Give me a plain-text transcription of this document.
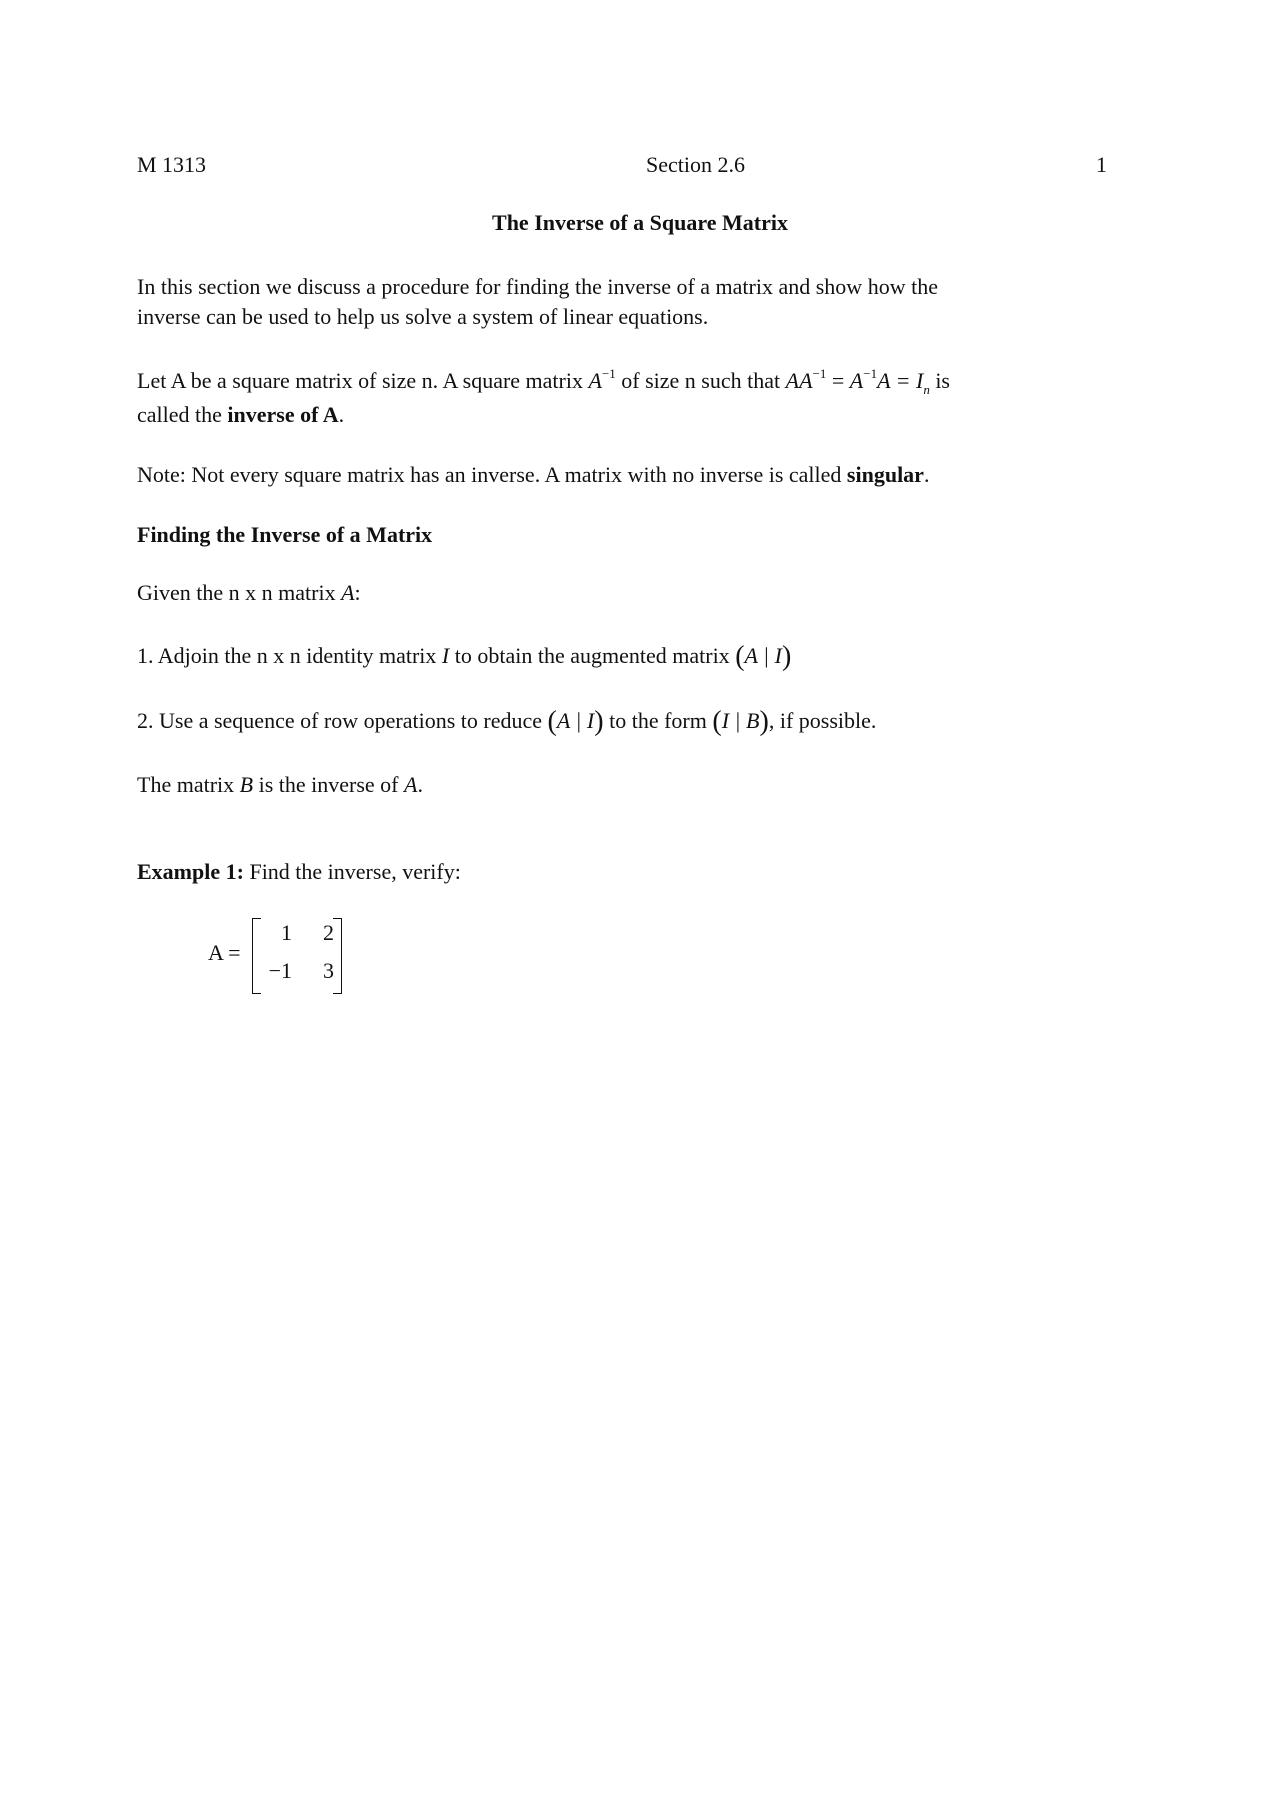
M 1313	Section 2.6	1
The Inverse of a Square Matrix
In this section we discuss a procedure for finding the inverse of a matrix and show how the
inverse can be used to help us solve a system of linear equations.
Let A be a square matrix of size n. A square matrix $A^{-1}$ of size n such that $AA^{-1} = A^{-1}A = I_n$ is
called the inverse of A.
Note: Not every square matrix has an inverse. A matrix with no inverse is called singular.
Finding the Inverse of a Matrix
Given the n x n matrix A:
1. Adjoin the n x n identity matrix I to obtain the augmented matrix (A | I)
2. Use a sequence of row operations to reduce (A | I) to the form (I | B), if possible.
The matrix B is the inverse of A.
Example 1: Find the inverse, verify:
A =
1	2
−1	3
